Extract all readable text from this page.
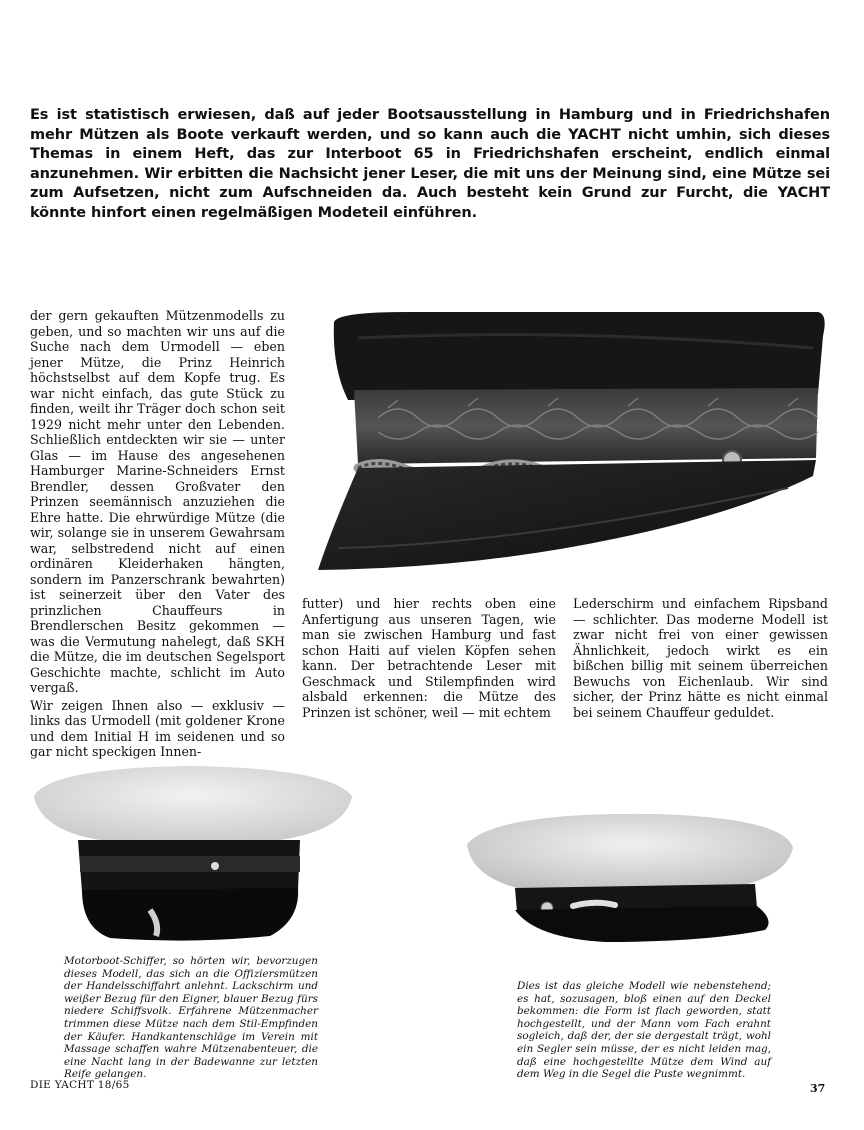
Es ist statistisch erwiesen, daß auf jeder Bootsausstellung in Hamburg und in Friedrichshafen mehr Mützen als Boote verkauft werden, und so kann auch die YACHT nicht umhin, sich dieses Themas in einem Heft, das zur Interboot 65 in Friedrichshafen erscheint, endlich einmal anzunehmen. Wir erbitten die Nachsicht jener Leser, die mit uns der Meinung sind, eine Mütze sei zum Aufsetzen, nicht zum Aufschneiden da. Auch besteht kein Grund zur Furcht, die YACHT könnte hinfort einen regelmäßigen Modeteil einführen.

der gern gekauften Mützenmodells zu geben, und so machten wir uns auf die Suche nach dem Urmodell — eben jener Mütze, die Prinz Heinrich höchstselbst auf dem Kopfe trug. Es war nicht einfach, das gute Stück zu finden, weilt ihr Träger doch schon seit 1929 nicht mehr unter den Lebenden. Schließlich entdeckten wir sie — unter Glas — im Hause des angesehenen Hamburger Marine-Schneiders Ernst Brendler, dessen Großvater den Prinzen seemännisch anzuziehen die Ehre hatte. Die ehrwürdige Mütze (die wir, solange sie in unserem Gewahrsam war, selbstredend nicht auf einen ordinären Kleiderhaken hängten, sondern im Panzerschrank bewahrten) ist seinerzeit über den Vater des prinzlichen Chauffeurs in Brendlerschen Besitz gekommen — was die Vermutung nahelegt, daß SKH die Mütze, die im deutschen Segelsport Geschichte machte, schlicht im Auto vergaß.

Wir zeigen Ihnen also — exklusiv — links das Urmodell (mit goldener Krone und dem Initial H im seidenen und so gar nicht speckigen Innen-

futter) und hier rechts oben eine Anfertigung aus unseren Tagen, wie man sie zwischen Hamburg und fast schon Haiti auf vielen Köpfen sehen kann. Der betrachtende Leser mit Geschmack und Stilempfinden wird alsbald erkennen: die Mütze des Prinzen ist schöner, weil — mit echtem

Lederschirm und einfachem Ripsband — schlichter. Das moderne Modell ist zwar nicht frei von einer gewissen Ähnlichkeit, jedoch wirkt es ein bißchen billig mit seinem überreichen Bewuchs von Eichenlaub. Wir sind sicher, der Prinz hätte es nicht einmal bei seinem Chauffeur geduldet.

Motorboot-Schiffer, so hörten wir, bevorzugen dieses Modell, das sich an die Offiziersmützen der Handelsschiffahrt anlehnt. Lackschirm und weißer Bezug für den Eigner, blauer Bezug fürs niedere Schiffsvolk. Erfahrene Mützenmacher trimmen diese Mütze nach dem Stil-Empfinden der Käufer. Handkantenschläge im Verein mit Massage schaffen wahre Mützenabenteuer, die eine Nacht lang in der Badewanne zur letzten Reife gelangen.

Dies ist das gleiche Modell wie nebenstehend; es hat, sozusagen, bloß einen auf den Deckel bekommen: die Form ist flach geworden, statt hochgestellt, und der Mann vom Fach erahnt sogleich, daß der, der sie dergestalt trägt, wohl ein Segler sein müsse, der es nicht leiden mag, daß eine hochgestellte Mütze dem Wind auf dem Weg in die Segel die Puste wegnimmt.

DIE YACHT 18/65	37
